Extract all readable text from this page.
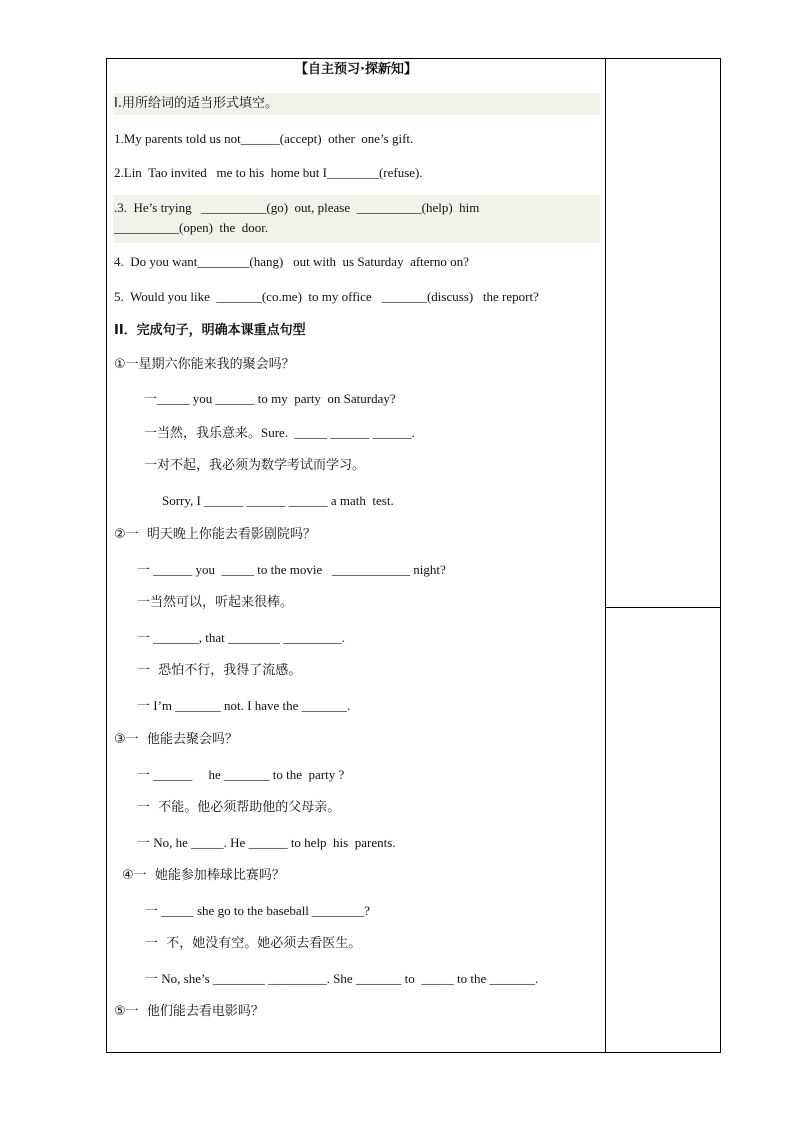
【自主预习·探新知】
I.用所给词的适当形式填空。
1.My parents told us not______(accept)  other  one’s gift.
2.Lin  Tao invited   me to his  home but I________(refuse).
.3.  He’s trying   __________(go)  out, please  __________(help)  him
__________(open)  the  door.
4.  Do you want________(hang)   out with  us Saturday  afterno on?
5.  Would you like  _______(co.me)  to my office   _______(discuss)   the report?
II．完成句子，明确本课重点句型
①一星期六你能来我的聚会吗？
一_____ you ______ to my  party  on Saturday?
一当然，我乐意来。Sure.  _____ ______ ______.
一对不起，我必须为数学考试而学习。
Sorry, I ______ ______ ______ a math  test.
②一  明天晚上你能去看影剧院吗？
一 ______ you  _____ to the movie   ____________ night?
一当然可以，听起来很棒。
一 _______, that ________ _________.
一  恐怕不行，我得了流感。
一 I’m _______ not. I have the _______.
③一  他能去聚会吗？
一 ______     he _______ to the  party ?
一  不能。他必须帮助他的父母亲。
一 No, he _____. He ______ to help  his  parents.
④一  她能参加棒球比赛吗？
一 _____ she go to the baseball ________?
一  不，她没有空。她必须去看医生。
一 No, she’s ________ _________. She _______ to  _____ to the _______.
⑤一  他们能去看电影吗？
